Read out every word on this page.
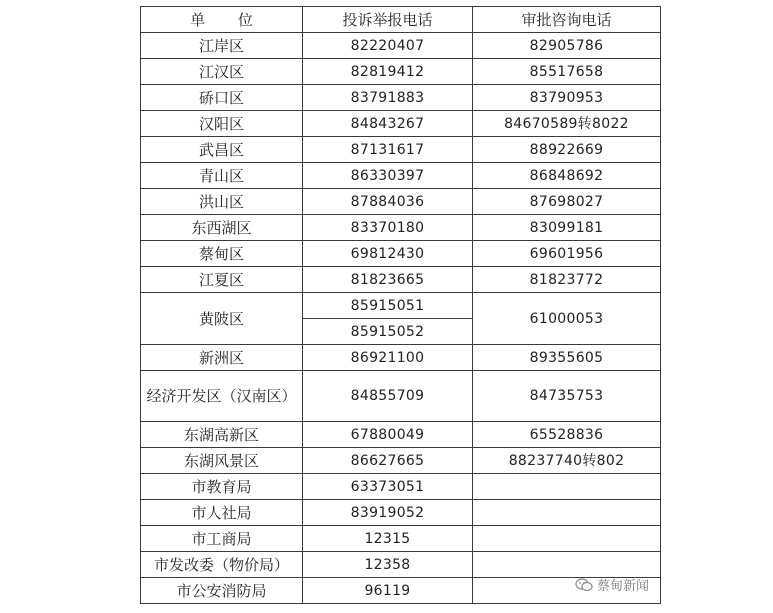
单 位	投诉举报电话	审批咨询电话
江岸区	82220407	82905786
江汉区	82819412	85517658
硚口区	83791883	83790953
汉阳区	84843267	84670589转8022
武昌区	87131617	88922669
青山区	86330397	86848692
洪山区	87884036	87698027
东西湖区	83370180	83099181
蔡甸区	69812430	69601956
江夏区	81823665	81823772
黄陂区	85915051	61000053
	85915052	
新洲区	86921100	89355605
经济开发区（汉南区）	84855709	84735753
东湖高新区	67880049	65528836
东湖风景区	86627665	88237740转802
市教育局	63373051	
市人社局	83919052	
市工商局	12315	
市发改委（物价局）	12358	
市公安消防局	96119		蔡甸新闻
